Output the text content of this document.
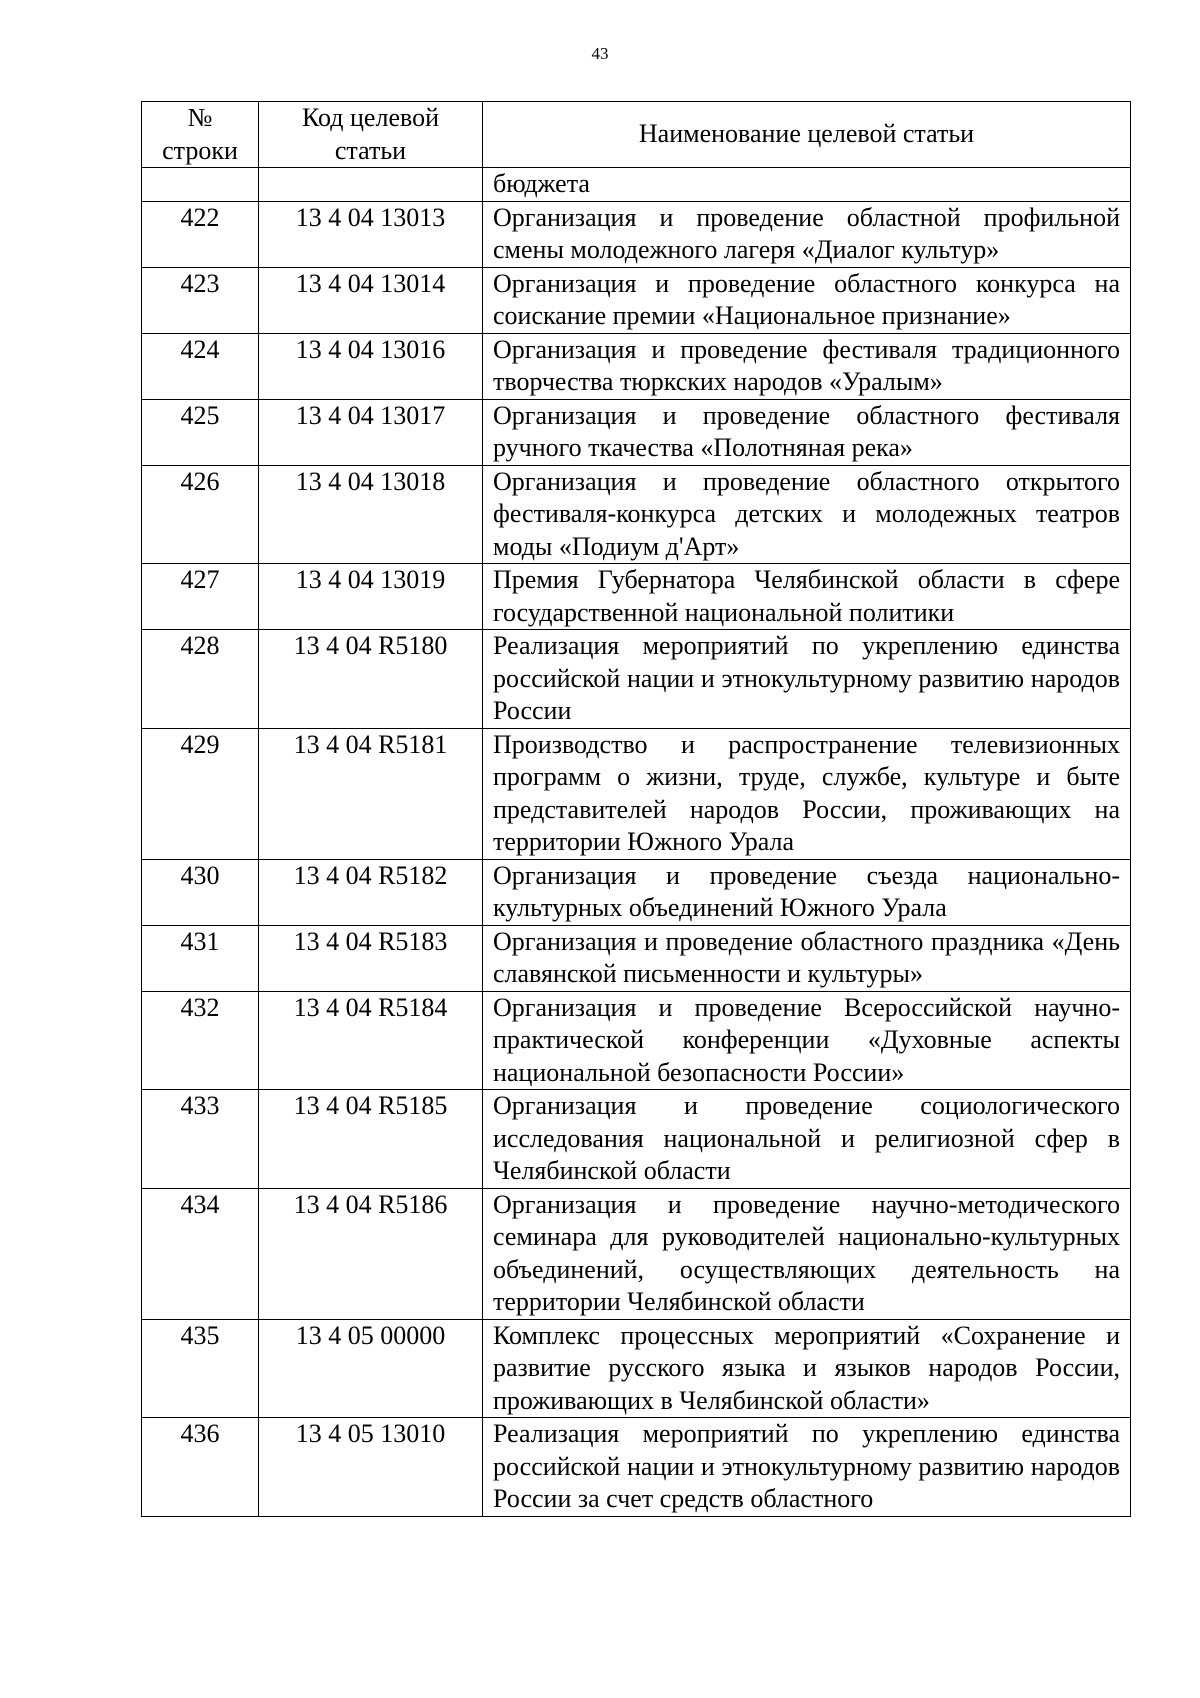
43
№ строки	Код целевой статьи	Наименование целевой статьи
		бюджета
422	13 4 04 13013	Организация и проведение областной профильной смены молодежного лагеря «Диалог культур»
423	13 4 04 13014	Организация и проведение областного конкурса на соискание премии «Национальное признание»
424	13 4 04 13016	Организация и проведение фестиваля традиционного творчества тюркских народов «Уралым»
425	13 4 04 13017	Организация и проведение областного фестиваля ручного ткачества «Полотняная река»
426	13 4 04 13018	Организация и проведение областного открытого фестиваля-конкурса детских и молодежных театров моды «Подиум д'Арт»
427	13 4 04 13019	Премия Губернатора Челябинской области в сфере государственной национальной политики
428	13 4 04 R5180	Реализация мероприятий по укреплению единства российской нации и этнокультурному развитию народов России
429	13 4 04 R5181	Производство и распространение телевизионных программ о жизни, труде, службе, культуре и быте представителей народов России, проживающих на территории Южного Урала
430	13 4 04 R5182	Организация и проведение съезда национально-культурных объединений Южного Урала
431	13 4 04 R5183	Организация и проведение областного праздника «День славянской письменности и культуры»
432	13 4 04 R5184	Организация и проведение Всероссийской научно-практической конференции «Духовные аспекты национальной безопасности России»
433	13 4 04 R5185	Организация и проведение социологического исследования национальной и религиозной сфер в Челябинской области
434	13 4 04 R5186	Организация и проведение научно-методического семинара для руководителей национально-культурных объединений, осуществляющих деятельность на территории Челябинской области
435	13 4 05 00000	Комплекс процессных мероприятий «Сохранение и развитие русского языка и языков народов России, проживающих в Челябинской области»
436	13 4 05 13010	Реализация мероприятий по укреплению единства российской нации и этнокультурному развитию народов России за счет средств областного
